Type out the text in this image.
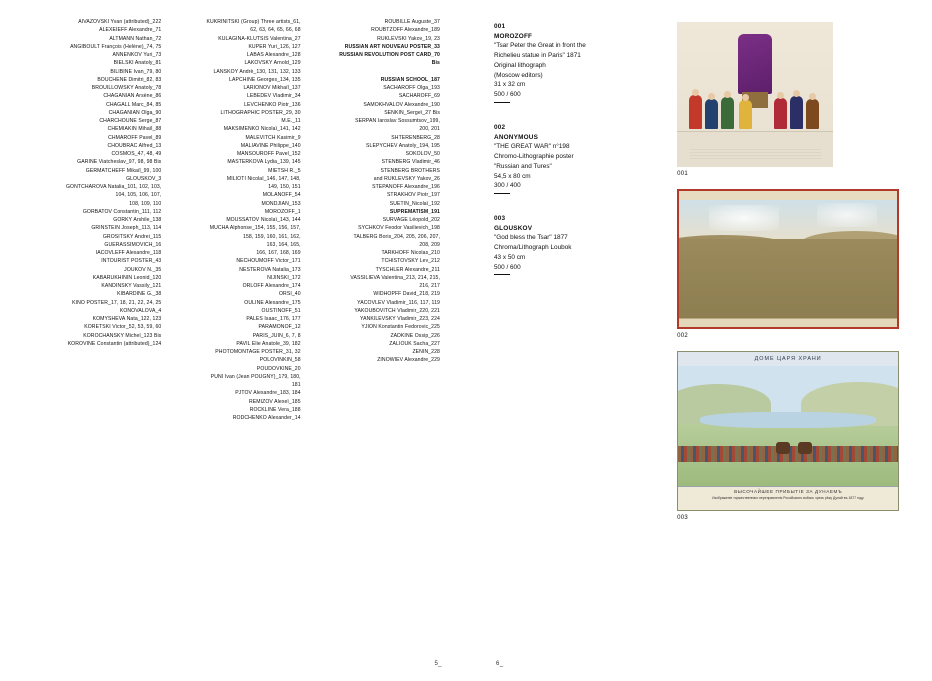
AIVAZOVSKI Yvan (attributed)_222
ALEXEIEFF Alexandre_71
ALTMANN Nathan_72
ANGIBOULT François (Helène)_74, 75
ANNENKOV Yuri_73
BIELSKI Anatoly_81
BILIBINE Ivan_79, 80
BOUCHENE Dimitri_82, 83
BROUILLOWSKY Anatoly_78
CHAGANIAN Arsène_86
CHAGALL Marc_84, 85
CHAGANIAN Olga_90
CHARCHOUNE Serge_87
CHEMIAKIN Mihaïl_88
CHMAROFF Pavel_89
CHOUBRAC Alfred_13
COSMOS_47, 48, 49
GARINE Viatcheslav_97, 98, 98 Bis
GERMATCHEFF Mikaïl_99, 100
GLOUSKOV_3
GONTCHAROVA Natalia_101, 102, 103,
104, 105, 106, 107,
108, 109, 110
GORBATOV Constantin_111, 112
GORKY Arshile_138
GRINSTEIN Joseph_113, 114
GROSITSKY Andrei_115
GUERASSIMOVICH_16
IACOVLEFF Alexandre_118
INTOURIST POSTER_43
JOUKOV N._35
KABARUKHININ Leonid_120
KANDINSKY Vassily_121
KIBARDINE G._38
KINO POSTER_17, 18, 21, 22, 24, 25
KONOVALOVA_4
KOMYSHEVA Nata_122, 123
KORETSKI Victor_52, 53, 59, 60
KOROCHANSKY Michel_123 Bis
KOROVINE Constantin (attributed)_124
KUKRINITSKI (Group) Three artists_61,
62, 63, 64, 65, 66, 68
KULAGINA-KLUTSIS Valentina_27
KUPER Yuri_126, 127
LABAS Alexandre_128
LAKOVSKY Arnold_129
LANSKOY Andrè_130, 131, 132, 133
LAPCHINE Georges_134, 135
LARIONOV Mikhaïl_137
LEBEDEV Vladimir_34
LEVCHENKO Piotr_136
LITHOGRAPHIC POSTER_29, 30
M.E._11
MAKSIMENKO Nicolaï_141, 142
MALEVITCH Kasimir_9
MALIAVINE Philippe_140
MANSOUROFF Pavel_152
MASTERKOVA Lydia_139, 145
MIETSH R._5
MILIOTI Nicolaï_146, 147, 148,
149, 150, 151
MOLANOFF_54
MONDJIAN_153
MOROZOFF_1
MOUSSATOV Nicolaï_143, 144
MUCHA Alphonse_154, 155, 156, 157,
158, 159, 160, 161, 162,
163, 164, 165,
166, 167, 168, 169
NECHOUMOFF Victor_171
NESTEROVA Natalia_173
NIJINSKI_172
ORLOFF Alexandre_174
ORSI_40
OULINE Alexandre_175
OUSTINOFF_51
PALES Isaac_176, 177
PARAMONOF_12
PARIS_JUIN_6, 7, 8
PAVIL Elie Anatole_39, 182
PHOTOMONTAGE POSTER_31, 32
POLOVINKIN_58
POUDOVKINE_20
PUNI Ivan (Jean POUGNY)_179, 180,
181
PJTOV Alexandre_183, 184
REMIZOV Alexeï_185
ROCKLINE Vera_188
RODCHENKO Alexander_14
ROUBILLE Auguste_37
ROUBTZOFF Alexandre_189
RUKLEVSKI Yakov_19, 23
RUSSIAN ART NOUVEAU POSTER_33
RUSSIAN REVOLUTION POST CARD_70
Bis
RUSSIAN SCHOOL_187
SACHAROFF Olga_193
SACHAROFF_69
SAMOKHVALOV Alexandre_190
SENKIN_Sergeï_27 Bis
SERPAN Iaroslav Sossumtsov_199,
200, 201
SHTERENBERG_28
SLEPYCHEV Anatoly_194, 195
SOKOLOV_50
STENBERG Vladimir_46
STENBERG BROTHERS
and RUKLEVSKY Yakov_26
STEPANOFF Alexandre_196
STRAKHOV Piotr_197
SUETIN_Nicolaï_192
SUPREMATISM_191
SURVAGE Léopold_202
SYCHKOV Feodor Vasilievich_198
TALBERG Boris_204, 205, 206, 207,
208, 209
TARKHOFF Nicolas_210
TCHISTOVSKY Lev_212
TYSCHLER Alexandre_211
VASSILIEVA Valentina_213, 214, 215,
216, 217
WIDHOPFF David_218, 219
YACOVLEV Vladimir_116, 117, 119
YAKOUBOVITCH Vladimir_220, 221
YANKILEVSKY Vladimir_223, 224
YJION Konstantin Fedorovic_225
ZADKINE Ossip_226
ZALIOUK Sacha_227
ZENIN_228
ZINOWIEV Alexandre_229
5_
001
MOROZOFF
"Tsar Peter the Great in front the
Richelieu statue in Paris" 1871
Original lithograph
(Moscow editors)
31 x 32 cm
500 / 600
002
ANONYMOUS
"THE GREAT WAR" n°198
Chromo-Lithographie poster
"Russian and Tures"
54,5 x 80 cm
300 / 400
003
GLOUSKOV
"God bless the Tsar" 1877
Chroma/Lithograph Loubok
43 x 50 cm
500 / 600
001
002
ДОМЕ ЦАРЯ ХРАНИ
ВЫСОЧАЙШЕЕ ПРИБЫТІЕ ЗА ДУНАЕМЪ
Изображеніе торжественнаго переправленія Россійскихъ войскъ чрезъ рѣку Дунай въ 1877 году.
003
6_
